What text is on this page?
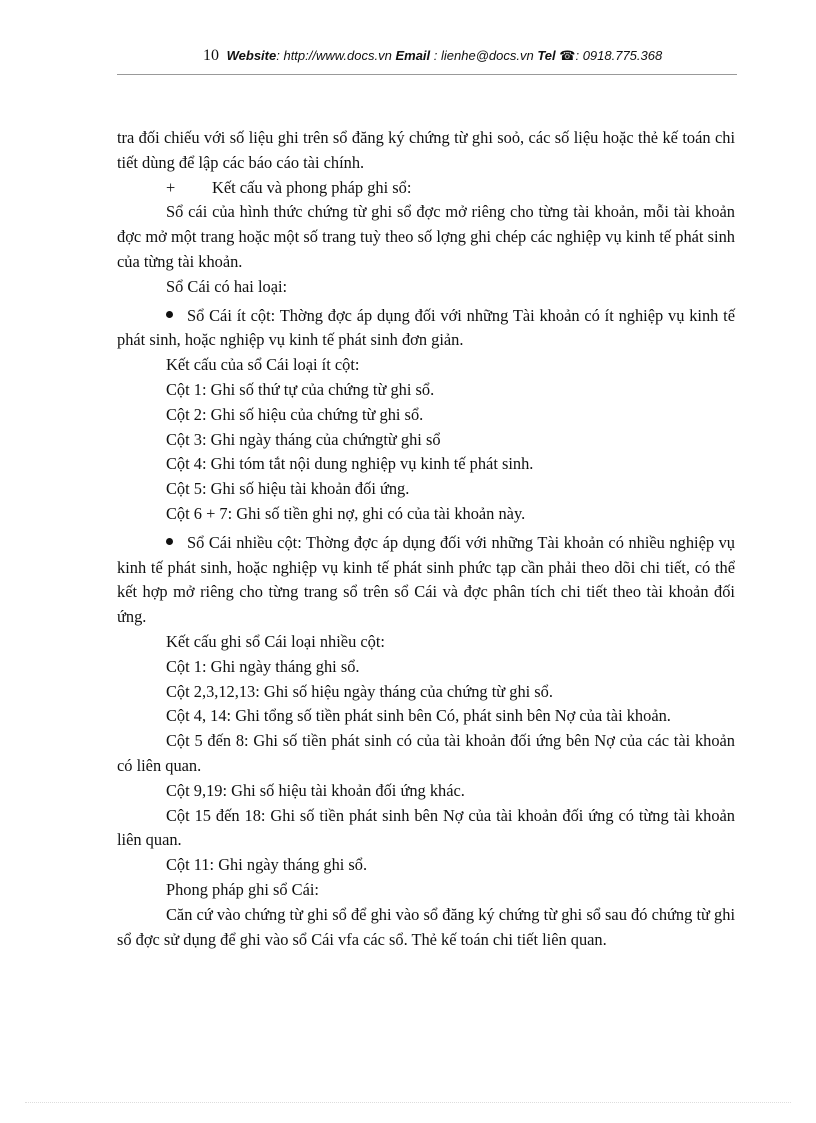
10 Website: http://www.docs.vn Email : lienhe@docs.vn Tel ☎: 0918.775.368

tra đối chiếu với số liệu ghi trên sổ đăng ký chứng từ ghi soỏ, các số liệu hoặc thẻ kế toán chi tiết dùng để lập các báo cáo tài chính.

+ Kết cấu và phong pháp ghi sổ:

Sổ cái của hình thức chứng từ ghi sổ đợc mở riêng cho từng tài khoản, mỗi tài khoản đợc mở một trang hoặc một số trang tuỳ theo số lợng ghi chép các nghiệp vụ kinh tế phát sinh của từng tài khoản.

Sổ Cái có hai loại:

Sổ Cái ít cột: Thờng đợc áp dụng đối với những Tài khoản có ít nghiệp vụ kinh tế phát sinh, hoặc nghiệp vụ kinh tế phát sinh đơn giản.

Kết cấu của sổ Cái loại ít cột:

Cột 1: Ghi số thứ tự của chứng từ ghi sổ.

Cột 2: Ghi số hiệu của chứng từ ghi sổ.

Cột 3: Ghi ngày tháng của chứngtừ ghi sổ

Cột 4: Ghi tóm tắt nội dung nghiệp vụ kinh tế phát sinh.

Cột 5: Ghi số hiệu tài khoản đối ứng.

Cột 6 + 7: Ghi số tiền ghi nợ, ghi có của tài khoản này.

Sổ Cái nhiều cột: Thờng đợc áp dụng đối với những Tài khoản có nhiều nghiệp vụ kinh tế phát sinh, hoặc nghiệp vụ kinh tế phát sinh phức tạp cần phải theo dõi chi tiết, có thể kết hợp mở riêng cho từng trang sổ trên sổ Cái và đợc phân tích chi tiết theo tài khoản đối ứng.

Kết cấu ghi sổ Cái loại nhiều cột:

Cột 1: Ghi ngày tháng ghi sổ.

Cột 2,3,12,13: Ghi số hiệu ngày tháng của chứng từ ghi sổ.

Cột 4, 14: Ghi tổng số tiền phát sinh bên Có, phát sinh bên Nợ của tài khoản.

Cột 5 đến 8: Ghi số tiền phát sinh có của tài khoản đối ứng bên Nợ của các tài khoản có liên quan.

Cột 9,19: Ghi số hiệu tài khoản đối ứng khác.

Cột 15 đến 18: Ghi số tiền phát sinh bên Nợ của tài khoản đối ứng có từng tài khoản liên quan.

Cột 11: Ghi ngày tháng ghi sổ.

Phong pháp ghi sổ Cái:

Căn cứ vào chứng từ ghi sổ để ghi vào sổ đăng ký chứng từ ghi sổ sau đó chứng từ ghi sổ đợc sử dụng để ghi vào sổ Cái vfa các sổ. Thẻ kế toán chi tiết liên quan.
